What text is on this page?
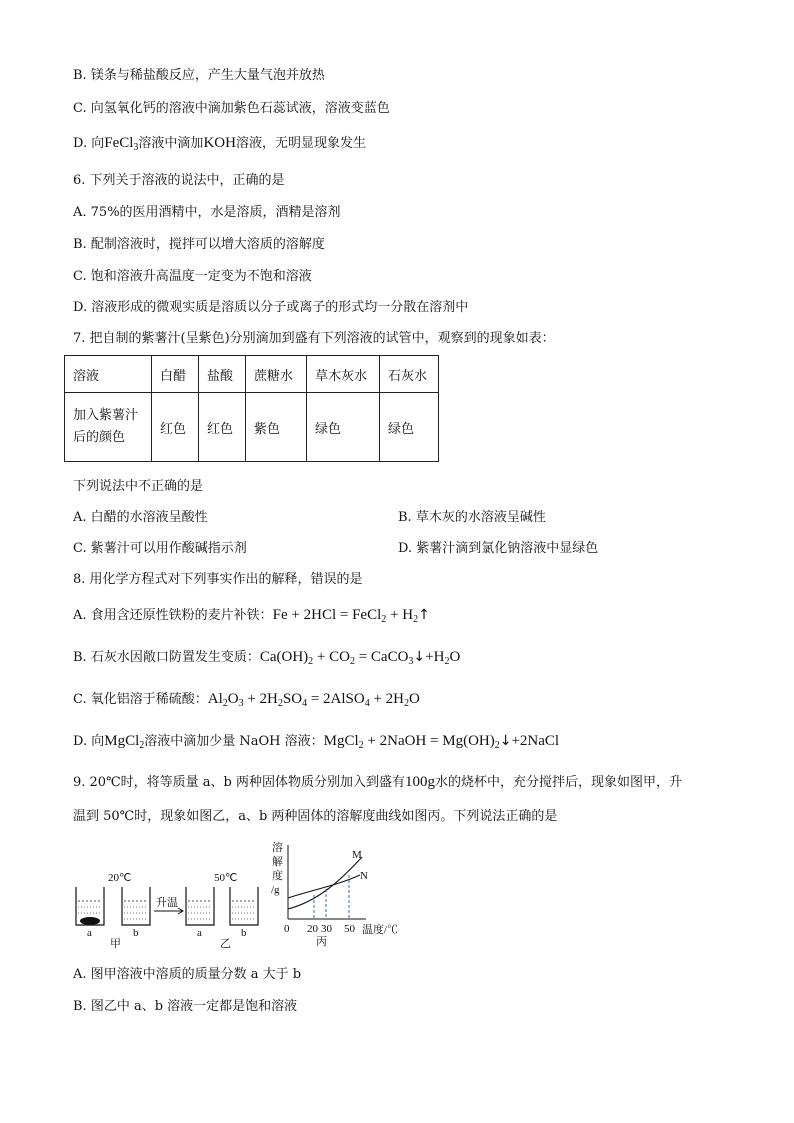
B. 镁条与稀盐酸反应，产生大量气泡并放热
C. 向氢氧化钙的溶液中滴加紫色石蕊试液，溶液变蓝色
D. 向FeCl$_3$溶液中滴加KOH溶液，无明显现象发生
6. 下列关于溶液的说法中，正确的是
A. 75%的医用酒精中，水是溶质，酒精是溶剂
B. 配制溶液时，搅拌可以增大溶质的溶解度
C. 饱和溶液升高温度一定变为不饱和溶液
D. 溶液形成的微观实质是溶质以分子或离子的形式均一分散在溶剂中
7. 把自制的紫薯汁(呈紫色)分别滴加到盛有下列溶液的试管中，观察到的现象如表：
溶液	白醋	盐酸	蔗糖水	草木灰水	石灰水

加入紫薯汁
后的颜色	红色	红色	紫色	绿色	绿色
下列说法中不正确的是
A. 白醋的水溶液呈酸性	B. 草木灰的水溶液呈碱性
C. 紫薯汁可以用作酸碱指示剂	D. 紫薯汁滴到氯化钠溶液中显绿色
8. 用化学方程式对下列事实作出的解释，错误的是
A. 食用含还原性铁粉的麦片补铁：Fe + 2HCl = FeCl$_2$ + $H_2↑$
B. 石灰水因敞口防置发生变质：$Ca(OH)_2 + CO_2$ = $CaCO_3↓+H_2O$
C. 氧化铝溶于稀硫酸：$Al_2O_3 + 2H_2SO_4$ = 2AlSO$_4$ + $2H_2O$
D. 向MgCl$_2$溶液中滴加少量 NaOH 溶液：MgCl$_2$ + 2NaOH = $Mg(OH)_2↓+2NaCl$
9. 20℃时，将等质量 a、b 两种固体物质分别加入到盛有100g水的烧杯中，充分搅拌后，现象如图甲，升
温到 50℃时，现象如图乙，a、b 两种固体的溶解度曲线如图丙。下列说法正确的是
20℃
a	b
甲
升温
50℃
a	b
乙
溶
解
度
/g
M
N
0 20 30 50 温度/℃
丙
A. 图甲溶液中溶质的质量分数 a 大于 b
B. 图乙中 a、b 溶液一定都是饱和溶液
